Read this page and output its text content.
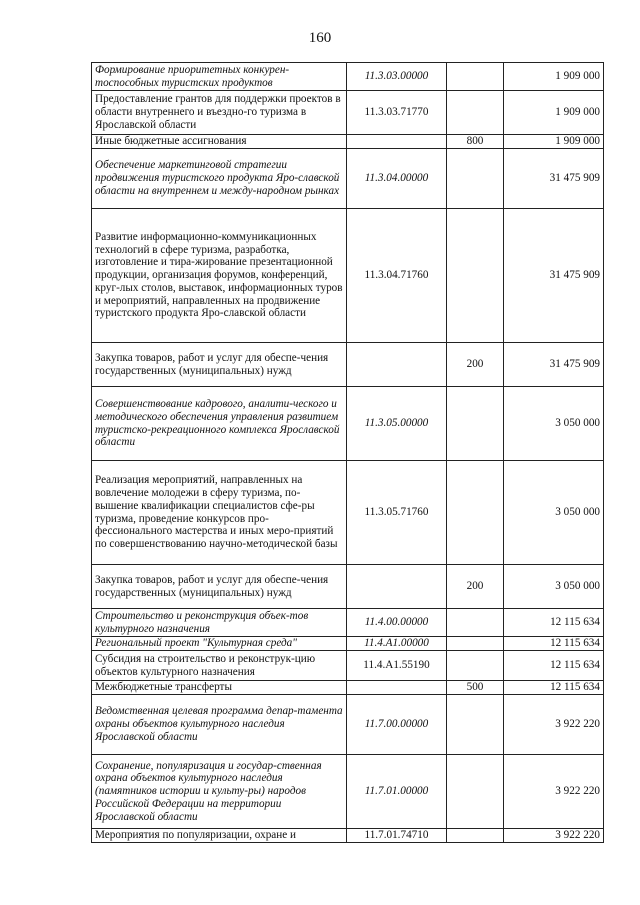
160
Формирование приоритетных конкурен-тоспособных туристских продуктов	11.3.03.00000		1 909 000
Предоставление грантов для поддержки проектов в области внутреннего и въездно-го туризма в Ярославской области	11.3.03.71770		1 909 000
Иные бюджетные ассигнования		800	1 909 000
Обеспечение маркетинговой стратегии продвижения туристского продукта Яро-славской области на внутреннем и между-народном рынках	11.3.04.00000		31 475 909
Развитие информационно-коммуникационных технологий в сфере туризма, разработка, изготовление и тира-жирование презентационной продукции, организация форумов, конференций, круг-лых столов, выставок, информационных туров и мероприятий, направленных на продвижение туристского продукта Яро-славской области	11.3.04.71760		31 475 909
Закупка товаров, работ и услуг для обеспе-чения государственных (муниципальных) нужд		200	31 475 909
Совершенствование кадрового, аналити-ческого и методического обеспечения управления развитием туристско-рекреационного комплекса Ярославской области	11.3.05.00000		3 050 000
Реализация мероприятий, направленных на вовлечение молодежи в сферу туризма, по-вышение квалификации специалистов сфе-ры туризма, проведение конкурсов про-фессионального мастерства и иных меро-приятий по совершенствованию научно-методической базы	11.3.05.71760		3 050 000
Закупка товаров, работ и услуг для обеспе-чения государственных (муниципальных) нужд		200	3 050 000
Строительство и реконструкция объек-тов культурного назначения	11.4.00.00000		12 115 634
Региональный проект "Культурная среда"	11.4.A1.00000		12 115 634
Субсидия на строительство и реконструк-цию объектов культурного назначения	11.4.A1.55190		12 115 634
Межбюджетные трансферты		500	12 115 634
Ведомственная целевая программа депар-тамента охраны объектов культурного наследия Ярославской области	11.7.00.00000		3 922 220
Сохранение, популяризация и государ-ственная охрана объектов культурного наследия (памятников истории и культу-ры) народов Российской Федерации на территории Ярославской области	11.7.01.00000		3 922 220
Мероприятия по популяризации, охране и	11.7.01.74710		3 922 220
